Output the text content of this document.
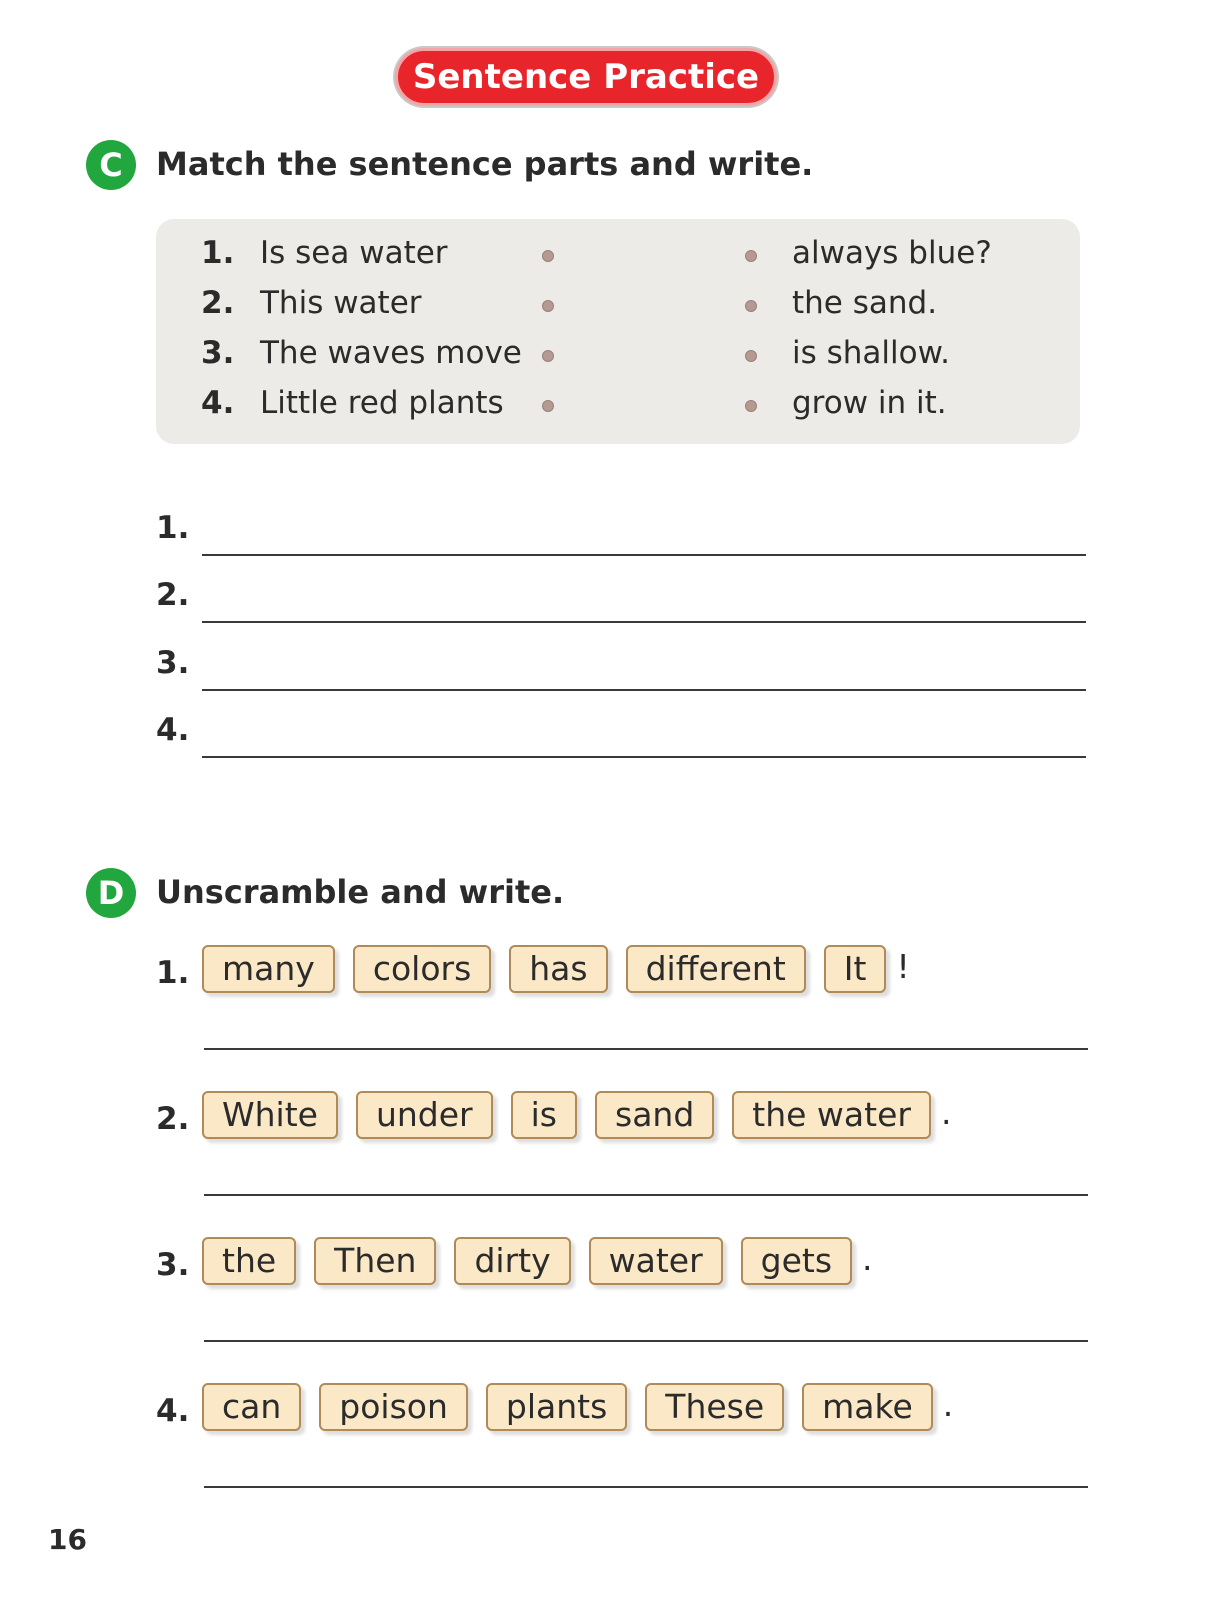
Sentence Practice
C	Match the sentence parts and write.
1. Is sea water	always blue?
2. This water	the sand.
3. The waves move	is shallow.
4. Little red plants	grow in it.
1.
2.
3.
4.
D Unscramble and write.
1. many	colors	has	different	It !
2. White	under	is	sand	the water .
3. the	Then	dirty	water	gets .
4. can	poison	plants	These	make .
16
